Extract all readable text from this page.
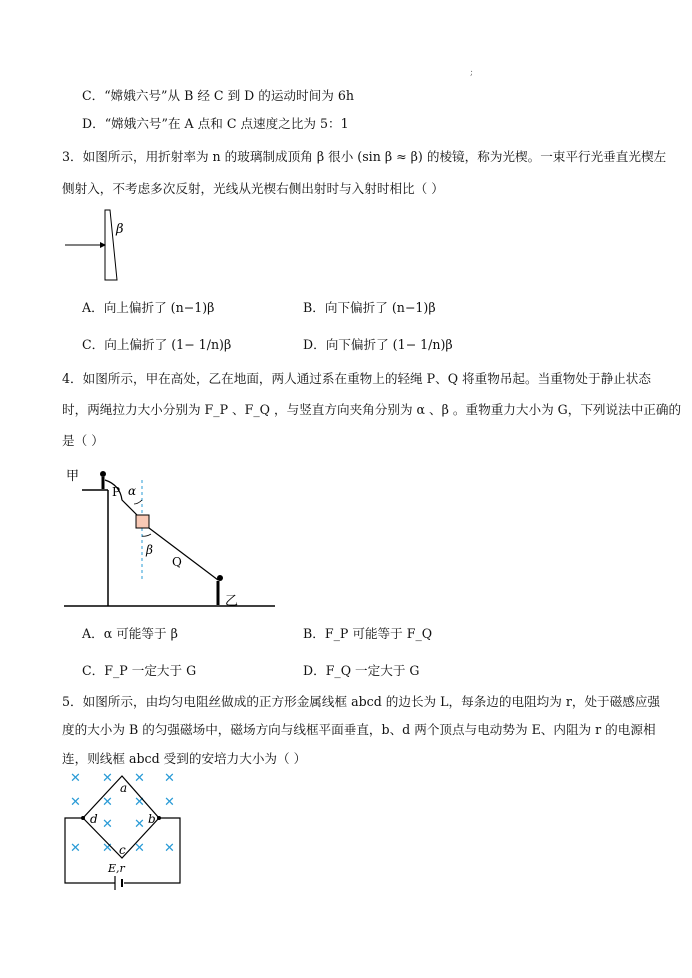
;
C．“嫦娥六号”从 B 经 C 到 D 的运动时间为 6h
D．“嫦娥六号”在 A 点和 C 点速度之比为 5：1
3．如图所示，用折射率为 n 的玻璃制成顶角 β 很小 (sin β ≈ β) 的棱镜，称为光楔。一束平行光垂直光楔左
侧射入，不考虑多次反射，光线从光楔右侧出射时与入射时相比（ ）
β
A．向上偏折了 (n−1)β	B．向下偏折了 (n−1)β
C．向上偏折了 (1− 1/n)β	D．向下偏折了 (1− 1/n)β
4．如图所示，甲在高处，乙在地面，两人通过系在重物上的轻绳 P、Q 将重物吊起。当重物处于静止状态
时，两绳拉力大小分别为 F_P 、F_Q ，与竖直方向夹角分别为 α 、β 。重物重力大小为 G，下列说法中正确的
是（ ）
甲
P α
β
Q
乙
A．α 可能等于 β	B．F_P 可能等于 F_Q
C．F_P 一定大于 G	D．F_Q 一定大于 G
5．如图所示，由均匀电阻丝做成的正方形金属线框 abcd 的边长为 L，每条边的电阻均为 r，处于磁感应强
度的大小为 B 的匀强磁场中，磁场方向与线框平面垂直，b、d 两个顶点与电动势为 E、内阻为 r 的电源相
连，则线框 abcd 受到的安培力大小为（ ）
✕ ✕ ✕ ✕
✕ ✕ ✕ ✕
✕ ✕
✕ ✕ ✕ ✕
a
d	b
c
E,r
